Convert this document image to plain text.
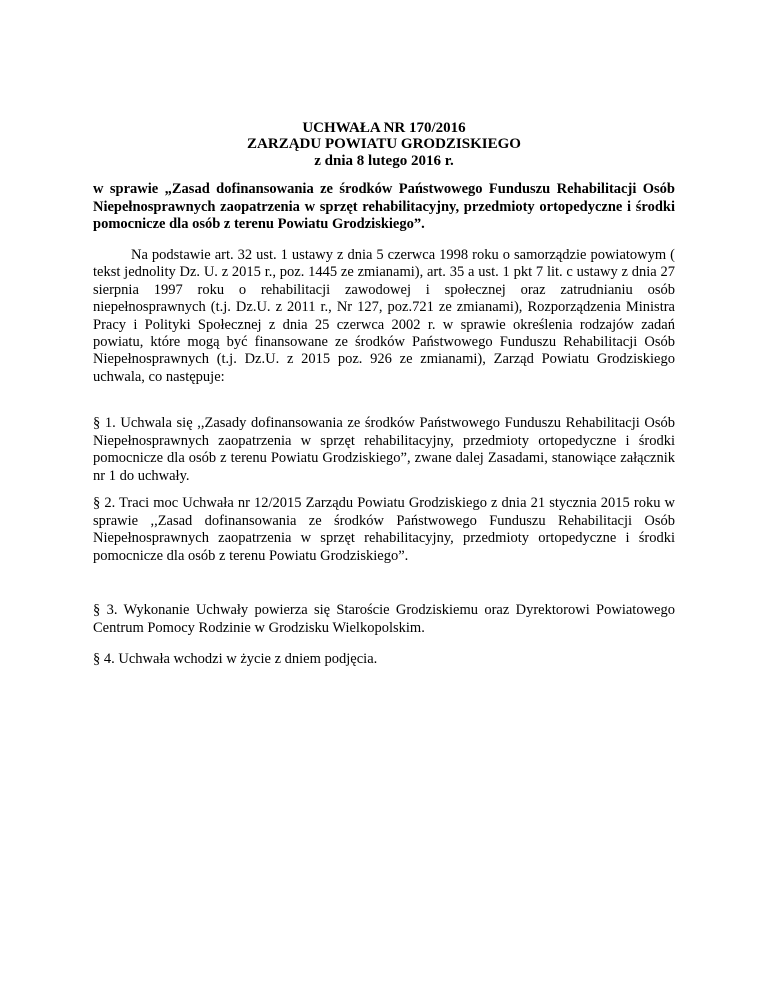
UCHWAŁA NR 170/2016
ZARZĄDU POWIATU GRODZISKIEGO
z dnia 8 lutego 2016 r.
w sprawie „Zasad dofinansowania ze środków Państwowego Funduszu Rehabilitacji Osób Niepełnosprawnych zaopatrzenia w sprzęt rehabilitacyjny, przedmioty ortopedyczne i środki pomocnicze dla osób z terenu Powiatu Grodziskiego”.
Na podstawie art. 32 ust. 1 ustawy z dnia 5 czerwca 1998 roku o samorządzie powiatowym ( tekst jednolity Dz. U. z 2015 r., poz. 1445 ze zmianami), art. 35 a ust. 1 pkt 7 lit. c ustawy z dnia 27 sierpnia 1997 roku o rehabilitacji zawodowej i społecznej oraz zatrudnianiu osób niepełnosprawnych (t.j. Dz.U. z 2011 r., Nr 127, poz.721 ze zmianami), Rozporządzenia Ministra Pracy i Polityki Społecznej z dnia 25 czerwca 2002 r. w sprawie określenia rodzajów zadań powiatu, które mogą być finansowane ze środków Państwowego Funduszu Rehabilitacji Osób Niepełnosprawnych (t.j. Dz.U. z 2015 poz. 926 ze zmianami), Zarząd Powiatu Grodziskiego uchwala, co następuje:
§ 1. Uchwala się ,,Zasady dofinansowania ze środków Państwowego Funduszu Rehabilitacji Osób Niepełnosprawnych zaopatrzenia w sprzęt rehabilitacyjny, przedmioty ortopedyczne i środki pomocnicze dla osób z terenu Powiatu Grodziskiego”, zwane dalej Zasadami, stanowiące załącznik nr 1 do uchwały.
§ 2. Traci moc Uchwała nr 12/2015 Zarządu Powiatu Grodziskiego z dnia 21 stycznia 2015 roku w sprawie ,,Zasad dofinansowania ze środków Państwowego Funduszu Rehabilitacji Osób Niepełnosprawnych zaopatrzenia w sprzęt rehabilitacyjny, przedmioty ortopedyczne i środki pomocnicze dla osób z terenu Powiatu Grodziskiego”.
§ 3. Wykonanie Uchwały powierza się Staroście Grodziskiemu oraz Dyrektorowi Powiatowego Centrum Pomocy Rodzinie w Grodzisku Wielkopolskim.
§ 4. Uchwała wchodzi w życie z dniem podjęcia.
